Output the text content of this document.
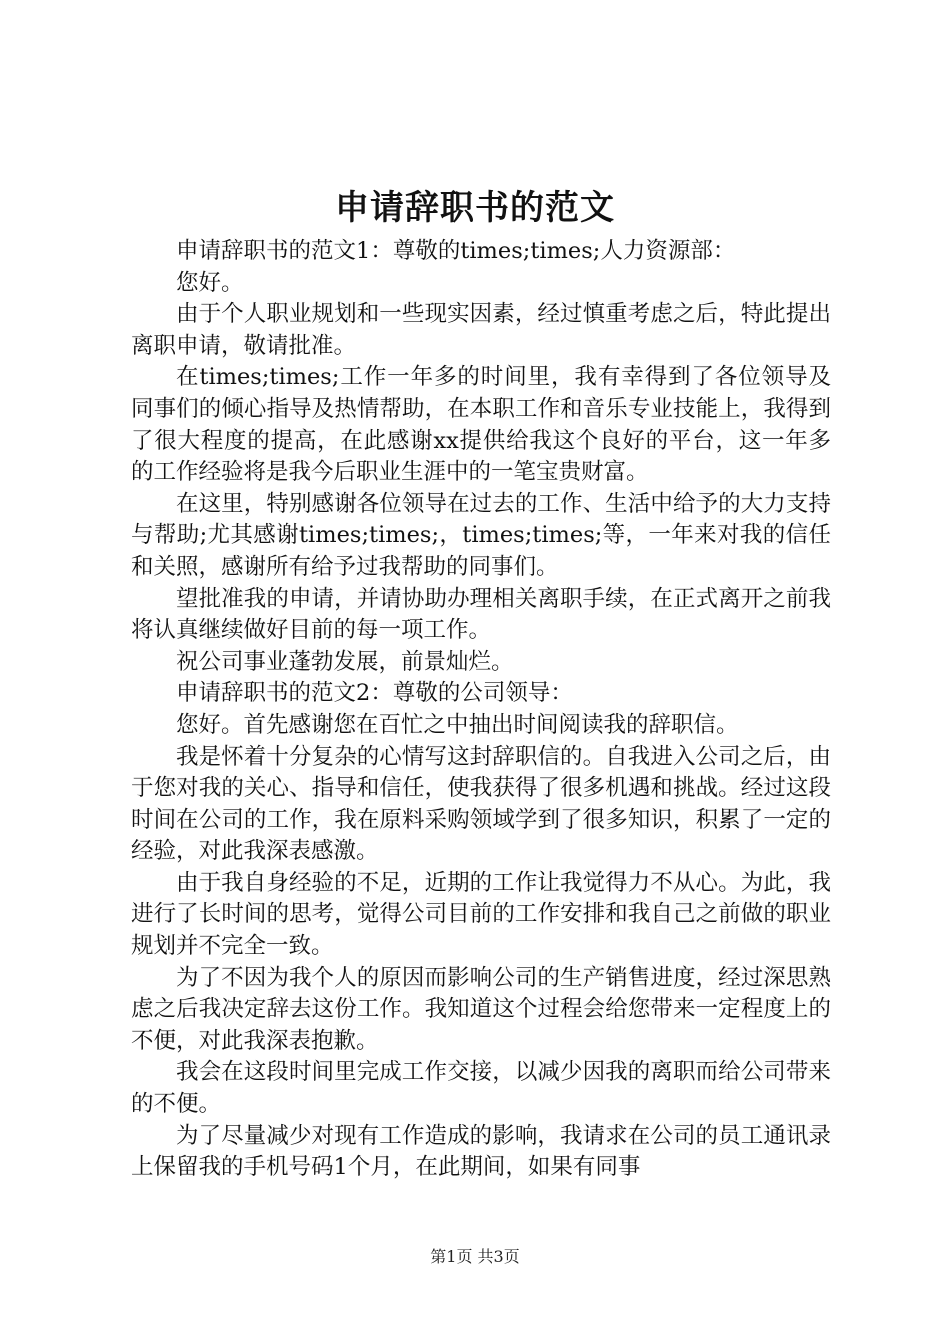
申请辞职书的范文

申请辞职书的范文1：尊敬的times;times;人力资源部：

您好。

由于个人职业规划和一些现实因素，经过慎重考虑之后，特此提出离职申请，敬请批准。

在times;times;工作一年多的时间里，我有幸得到了各位领导及同事们的倾心指导及热情帮助，在本职工作和音乐专业技能上，我得到了很大程度的提高，在此感谢xx提供给我这个良好的平台，这一年多的工作经验将是我今后职业生涯中的一笔宝贵财富。

在这里，特别感谢各位领导在过去的工作、生活中给予的大力支持与帮助;尤其感谢times;times;，times;times;等，一年来对我的信任和关照，感谢所有给予过我帮助的同事们。

望批准我的申请，并请协助办理相关离职手续，在正式离开之前我将认真继续做好目前的每一项工作。

祝公司事业蓬勃发展，前景灿烂。

申请辞职书的范文2：尊敬的公司领导：

您好。首先感谢您在百忙之中抽出时间阅读我的辞职信。

我是怀着十分复杂的心情写这封辞职信的。自我进入公司之后，由于您对我的关心、指导和信任，使我获得了很多机遇和挑战。经过这段时间在公司的工作，我在原料采购领域学到了很多知识，积累了一定的经验，对此我深表感激。

由于我自身经验的不足，近期的工作让我觉得力不从心。为此，我进行了长时间的思考，觉得公司目前的工作安排和我自己之前做的职业规划并不完全一致。

为了不因为我个人的原因而影响公司的生产销售进度，经过深思熟虑之后我决定辞去这份工作。我知道这个过程会给您带来一定程度上的不便，对此我深表抱歉。

我会在这段时间里完成工作交接，以减少因我的离职而给公司带来的不便。

为了尽量减少对现有工作造成的影响，我请求在公司的员工通讯录上保留我的手机号码1个月，在此期间，如果有同事

第1页 共3页
